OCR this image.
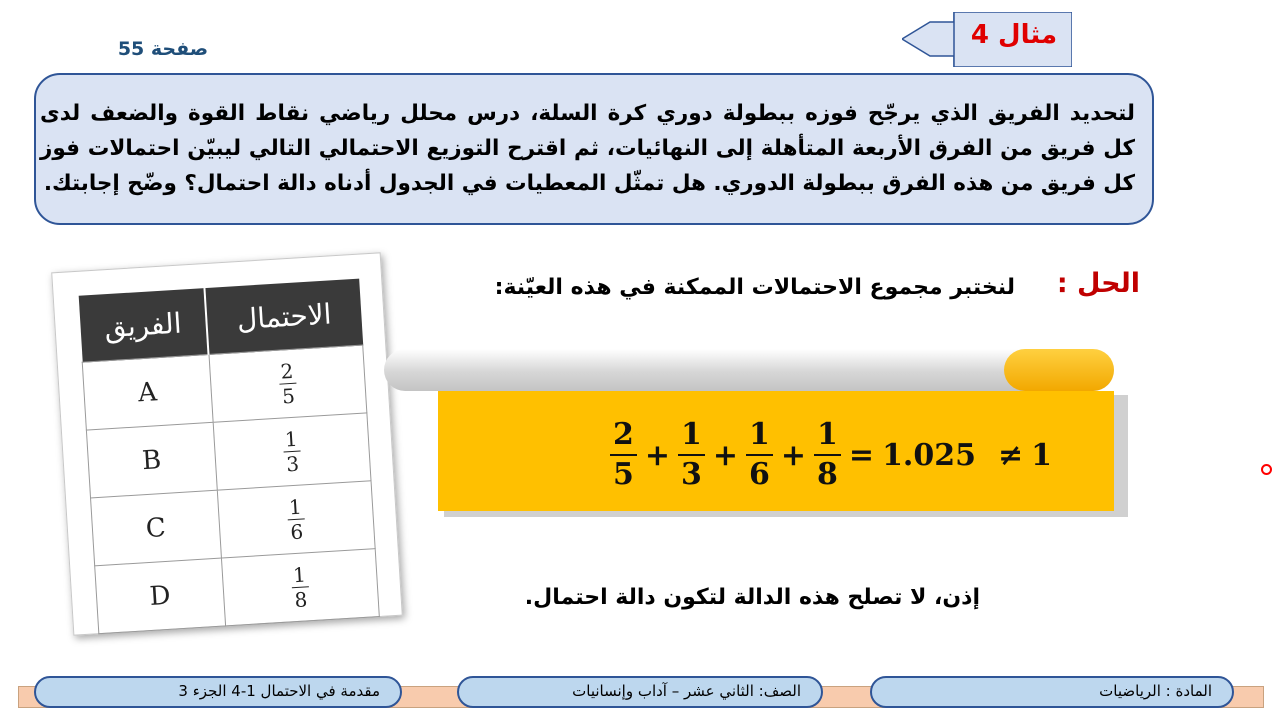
مثال 4
صفحة 55
لتحديد الفريق الذي يرجّح فوزه ببطولة دوري كرة السلة، درس محلل رياضي نقاط القوة والضعف لدى كل فريق من الفرق الأربعة المتأهلة إلى النهائيات، ثم اقترح التوزيع الاحتمالي التالي ليبيّن احتمالات فوز كل فريق من هذه الفرق ببطولة الدوري. هل تمثّل المعطيات في الجدول أدناه دالة احتمال؟ وضّح إجابتك.
الفريق	الاحتمال
A	$\frac{2}{5}$

B	$\frac{1}{3}$

C	$\frac{1}{6}$

D	$\frac{1}{8}$
الحل :
لنختبر مجموع الاحتمالات الممكنة في هذه العيّنة:
2
5
+ $\frac{1}{3} + \frac{1}{6} + \frac{1}{8} = 1.025 \ne 1$
إذن، لا تصلح هذه الدالة لتكون دالة احتمال.
المادة : الرياضيات
الصف: الثاني عشر – آداب وإنسانيات
مقدمة في الاحتمال 1-4 الجزء 3
